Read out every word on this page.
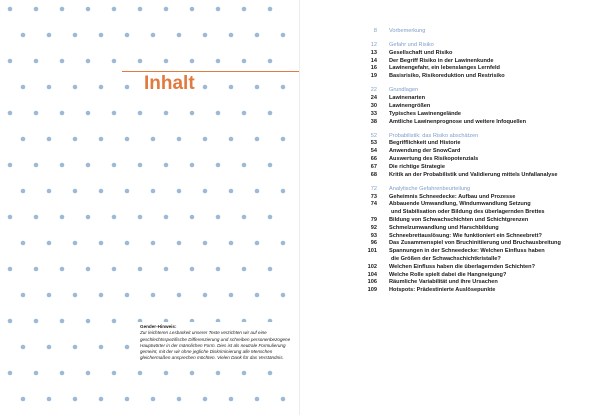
Inhalt
Gender-Hinweis:
Zur leichteren Lesbarkeit unserer Texte verzichten wir auf eine geschlechtsspezifische Differenzierung und schreiben personenbezogene Hauptwörter in der männlichen Form. Dies ist als neutrale Formulierung gemeint, mit der wir ohne jegliche Diskriminierung alle Menschen gleichermaßen ansprechen möchten. Vielen Dank für das Verständnis.
8 Vorbemerkung
12 Gefahr und Risiko
13 Gesellschaft und Risiko
14 Der Begriff Risiko in der Lawinenkunde
16 Lawinengefahr, ein lebenslanges Lernfeld
19 Basisrisiko, Risikoreduktion und Restrisiko
22 Grundlagen
24 Lawinenarten
30 Lawinengrößen
33 Typisches Lawinengelände
38 Amtliche Lawinenprognose und weitere Infoquellen
52 Probabilistik: das Risiko abschätzen
53 Begrifflichkeit und Historie
54 Anwendung der SnowCard
66 Auswertung des Risikopotenzials
67 Die richtige Strategie
68 Kritik an der Probabilistik und Validierung mittels Unfallanalyse
72 Analytische Gefahrenbeurteilung
73 Geheimnis Schneedecke: Aufbau und Prozesse
74 Abbauende Umwandlung, Windumwandlung Setzung
und Stabilisation oder Bildung des überlagernden Brettes
79 Bildung von Schwachschichten und Schichtgrenzen
92 Schmelzumwandlung und Harschbildung
93 Schneebrettauslösung: Wie funktioniert ein Schneebrett?
96 Das Zusammenspiel von Bruchinitiierung und Bruchausbreitung
101 Spannungen in der Schneedecke: Welchen Einfluss haben
die Größen der Schwachschichtkristalle?
102 Welchen Einfluss haben die überlagernden Schichten?
104 Welche Rolle spielt dabei die Hangneigung?
106 Räumliche Variabilität und ihre Ursachen
109 Hotspots: Prädestinierte Auslösepunkte
